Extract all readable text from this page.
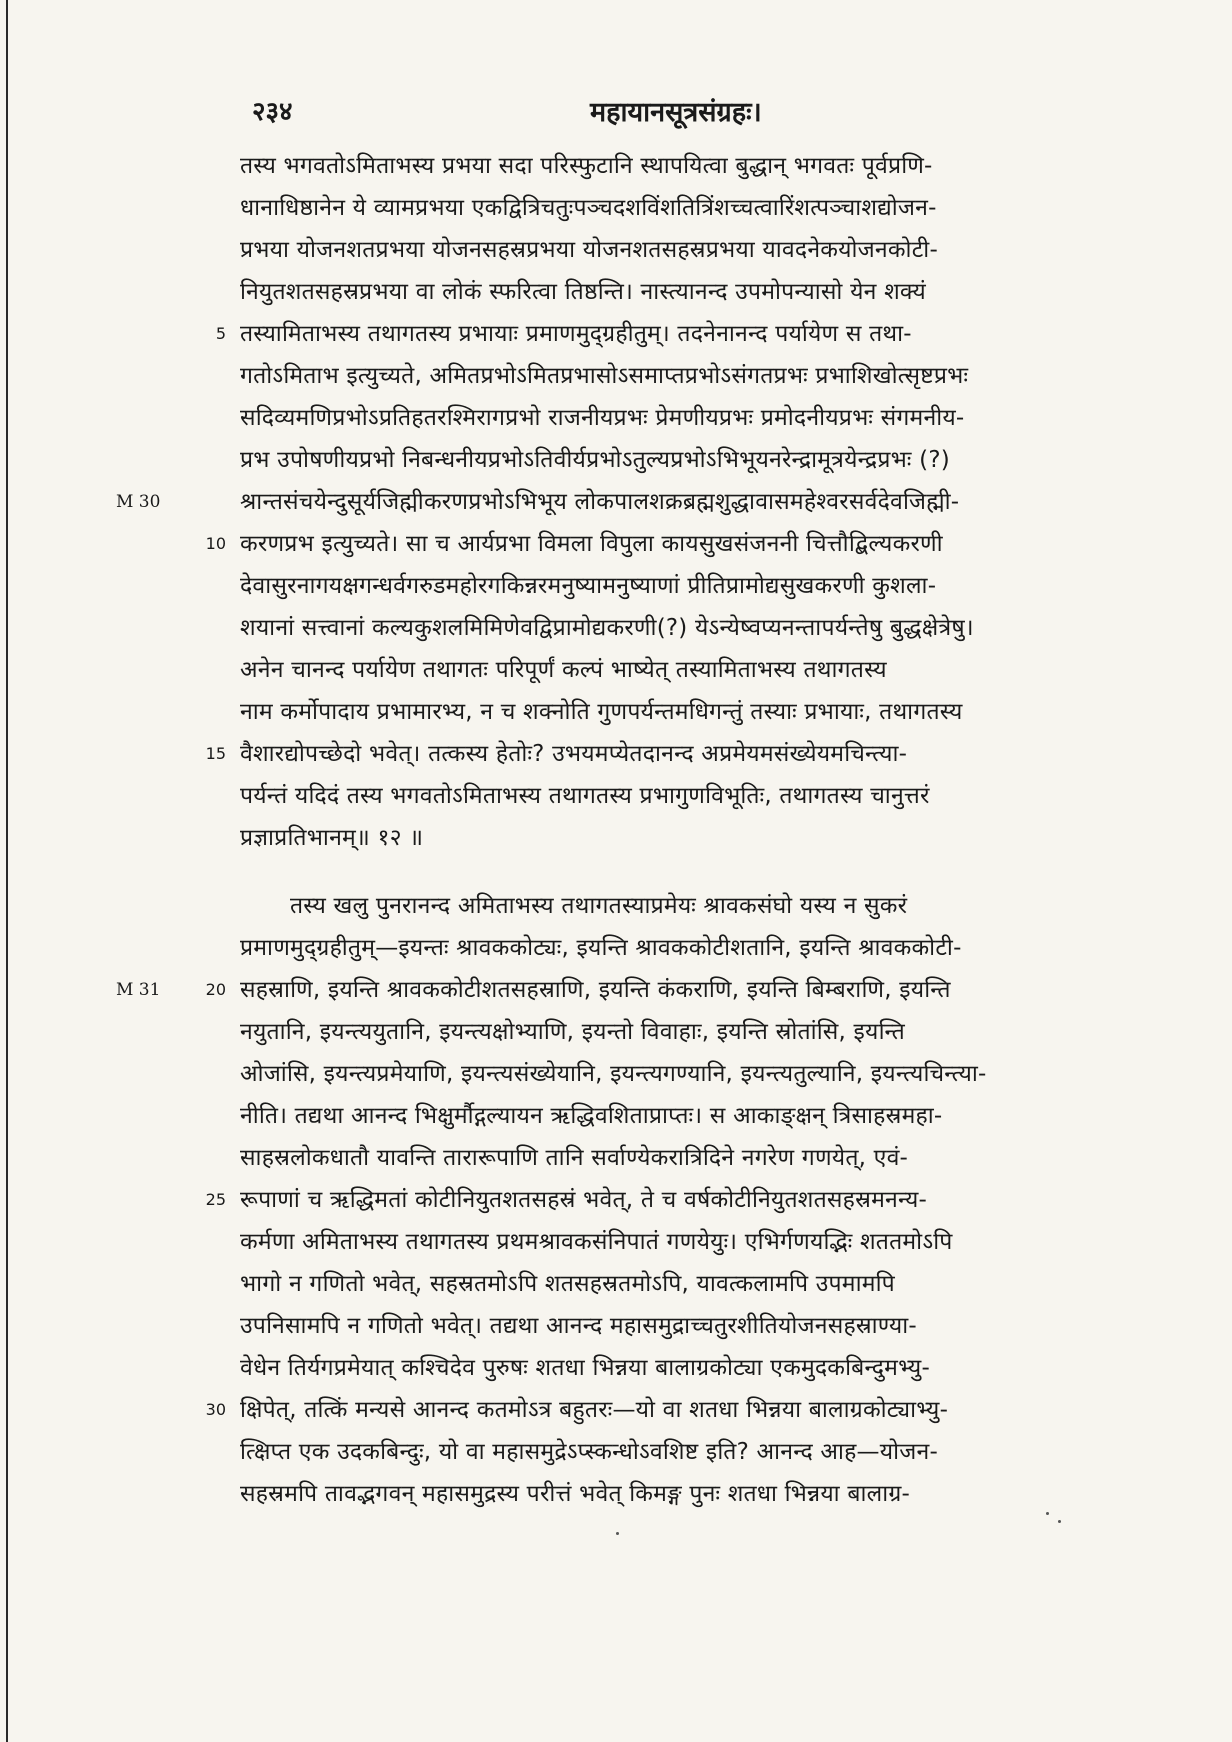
२३४	महायानसूत्रसंग्रहः।
तस्य भगवतोऽमिताभस्य प्रभया सदा परिस्फुटानि स्थापयित्वा बुद्धान् भगवतः पूर्वप्रणि-
धानाधिष्ठानेन ये व्यामप्रभया एकद्वित्रिचतुःपञ्चदशविंशतित्रिंशच्चत्वारिंशत्पञ्चाशद्योजन-
प्रभया योजनशतप्रभया योजनसहस्रप्रभया योजनशतसहस्रप्रभया यावदनेकयोजनकोटी-
नियुतशतसहस्रप्रभया वा लोकं स्फरित्वा तिष्ठन्ति। नास्त्यानन्द उपमोपन्यासो येन शक्यं
तस्यामिताभस्य तथागतस्य प्रभायाः प्रमाणमुद्ग्रहीतुम्। तदनेनानन्द पर्यायेण स तथा-
गतोऽमिताभ इत्युच्यते, अमितप्रभोऽमितप्रभासोऽसमाप्तप्रभोऽसंगतप्रभः प्रभाशिखोत्सृष्टप्रभः
सदिव्यमणिप्रभोऽप्रतिहतरश्मिरागप्रभो राजनीयप्रभः प्रेमणीयप्रभः प्रमोदनीयप्रभः संगमनीय-
प्रभ उपोषणीयप्रभो निबन्धनीयप्रभोऽतिवीर्यप्रभोऽतुल्यप्रभोऽभिभूयनरेन्द्रामूत्रयेन्द्रप्रभः (?)
श्रान्तसंचयेन्दुसूर्यजिह्मीकरणप्रभोऽभिभूय लोकपालशक्रब्रह्मशुद्धावासमहेश्वरसर्वदेवजिह्मी-
करणप्रभ इत्युच्यते। सा च आर्यप्रभा विमला विपुला कायसुखसंजननी चित्तौद्बिल्यकरणी
देवासुरनागयक्षगन्धर्वगरुडमहोरगकिन्नरमनुष्यामनुष्याणां प्रीतिप्रामोद्यसुखकरणी कुशला-
शयानां सत्त्वानां कल्यकुशलमिमिणेवद्विप्रामोद्यकरणी(?) येऽन्येष्वप्यनन्तापर्यन्तेषु बुद्धक्षेत्रेषु।
अनेन चानन्द पर्यायेण तथागतः परिपूर्णं कल्पं भाष्येत् तस्यामिताभस्य तथागतस्य
नाम कर्मोपादाय प्रभामारभ्य, न च शक्नोति गुणपर्यन्तमधिगन्तुं तस्याः प्रभायाः, तथागतस्य
वैशारद्योपच्छेदो भवेत्। तत्कस्य हेतोः? उभयमप्येतदानन्द अप्रमेयमसंख्येयमचिन्त्या-
पर्यन्तं यदिदं तस्य भगवतोऽमिताभस्य तथागतस्य प्रभागुणविभूतिः, तथागतस्य चानुत्तरं
प्रज्ञाप्रतिभानम्॥ १२ ॥
तस्य खलु पुनरानन्द अमिताभस्य तथागतस्याप्रमेयः श्रावकसंघो यस्य न सुकरं
प्रमाणमुद्ग्रहीतुम्—इयन्तः श्रावककोट्यः, इयन्ति श्रावककोटीशतानि, इयन्ति श्रावककोटी-
सहस्राणि, इयन्ति श्रावककोटीशतसहस्राणि, इयन्ति कंकराणि, इयन्ति बिम्बराणि, इयन्ति
नयुतानि, इयन्त्ययुतानि, इयन्त्यक्षोभ्याणि, इयन्तो विवाहाः, इयन्ति स्रोतांसि, इयन्ति
ओजांसि, इयन्त्यप्रमेयाणि, इयन्त्यसंख्येयानि, इयन्त्यगण्यानि, इयन्त्यतुल्यानि, इयन्त्यचिन्त्या-
नीति। तद्यथा आनन्द भिक्षुर्मौद्गल्यायन ऋद्धिवशिताप्राप्तः। स आकाङ्क्षन् त्रिसाहस्रमहा-
साहस्रलोकधातौ यावन्ति तारारूपाणि तानि सर्वाण्येकरात्रिदिने नगरेण गणयेत्, एवं-
रूपाणां च ऋद्धिमतां कोटीनियुतशतसहस्रं भवेत्, ते च वर्षकोटीनियुतशतसहस्रमनन्य-
कर्मणा अमिताभस्य तथागतस्य प्रथमश्रावकसंनिपातं गणयेयुः। एभिर्गणयद्भिः शततमोऽपि
भागो न गणितो भवेत्, सहस्रतमोऽपि शतसहस्रतमोऽपि, यावत्कलामपि उपमामपि
उपनिसामपि न गणितो भवेत्। तद्यथा आनन्द महासमुद्राच्चतुरशीतियोजनसहस्राण्या-
वेधेन तिर्यगप्रमेयात् कश्चिदेव पुरुषः शतधा भिन्नया बालाग्रकोट्या एकमुदकबिन्दुमभ्यु-
क्षिपेत्, तत्किं मन्यसे आनन्द कतमोऽत्र बहुतरः—यो वा शतधा भिन्नया बालाग्रकोट्याभ्यु-
त्क्षिप्त एक उदकबिन्दुः, यो वा महासमुद्रेऽप्स्कन्धोऽवशिष्ट इति? आनन्द आह—योजन-
सहस्रमपि तावद्भगवन् महासमुद्रस्य परीत्तं भवेत् किमङ्ग पुनः शतधा भिन्नया बालाग्र-
5
10
15
20
25
30
M 30
M 31
